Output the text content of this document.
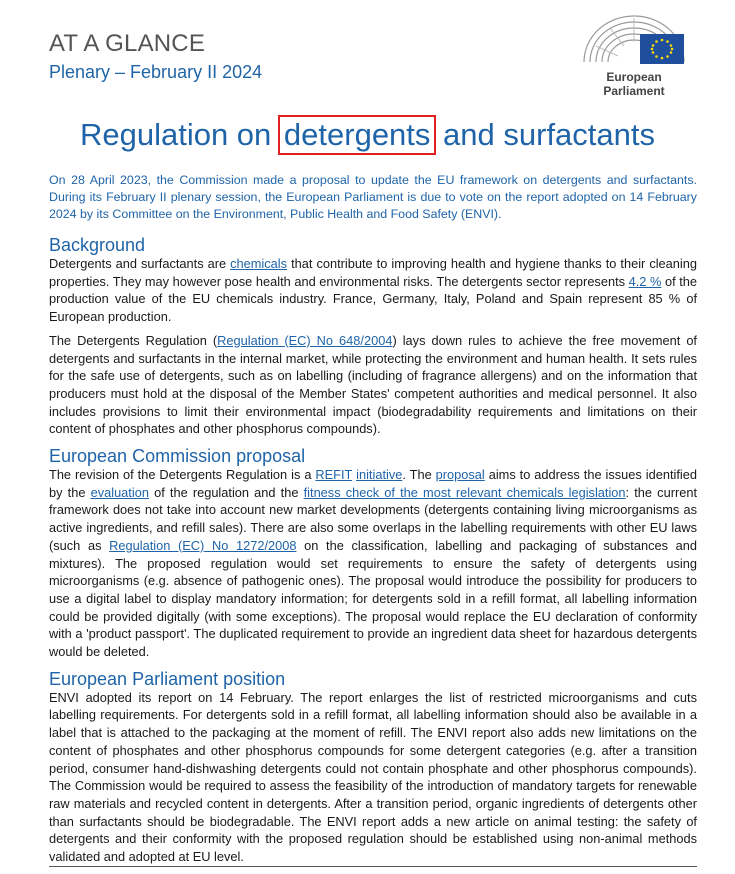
AT A GLANCE
Plenary – February II 2024	European Parliament
Regulation on detergents and surfactants

On 28 April 2023, the Commission made a proposal to update the EU framework on detergents and surfactants. During its February II plenary session, the European Parliament is due to vote on the report adopted on 14 February 2024 by its Committee on the Environment, Public Health and Food Safety (ENVI).

Background

Detergents and surfactants are chemicals that contribute to improving health and hygiene thanks to their cleaning properties. They may however pose health and environmental risks. The detergents sector represents 4.2 % of the production value of the EU chemicals industry. France, Germany, Italy, Poland and Spain represent 85 % of European production.

The Detergents Regulation (Regulation (EC) No 648/2004) lays down rules to achieve the free movement of detergents and surfactants in the internal market, while protecting the environment and human health. It sets rules for the safe use of detergents, such as on labelling (including of fragrance allergens) and on the information that producers must hold at the disposal of the Member States' competent authorities and medical personnel. It also includes provisions to limit their environmental impact (biodegradability requirements and limitations on their content of phosphates and other phosphorus compounds).

European Commission proposal

The revision of the Detergents Regulation is a REFIT initiative. The proposal aims to address the issues identified by the evaluation of the regulation and the fitness check of the most relevant chemicals legislation: the current framework does not take into account new market developments (detergents containing living microorganisms as active ingredients, and refill sales). There are also some overlaps in the labelling requirements with other EU laws (such as Regulation (EC) No 1272/2008 on the classification, labelling and packaging of substances and mixtures). The proposed regulation would set requirements to ensure the safety of detergents using microorganisms (e.g. absence of pathogenic ones). The proposal would introduce the possibility for producers to use a digital label to display mandatory information; for detergents sold in a refill format, all labelling information could be provided digitally (with some exceptions). The proposal would replace the EU declaration of conformity with a 'product passport'. The duplicated requirement to provide an ingredient data sheet for hazardous detergents would be deleted.

European Parliament position

ENVI adopted its report on 14 February. The report enlarges the list of restricted microorganisms and cuts labelling requirements. For detergents sold in a refill format, all labelling information should also be available in a label that is attached to the packaging at the moment of refill. The ENVI report also adds new limitations on the content of phosphates and other phosphorus compounds for some detergent categories (e.g. after a transition period, consumer hand-dishwashing detergents could not contain phosphate and other phosphorus compounds). The Commission would be required to assess the feasibility of the introduction of mandatory targets for renewable raw materials and recycled content in detergents. After a transition period, organic ingredients of detergents other than surfactants should be biodegradable. The ENVI report adds a new article on animal testing: the safety of detergents and their conformity with the proposed regulation should be established using non-animal methods validated and adopted at EU level.
